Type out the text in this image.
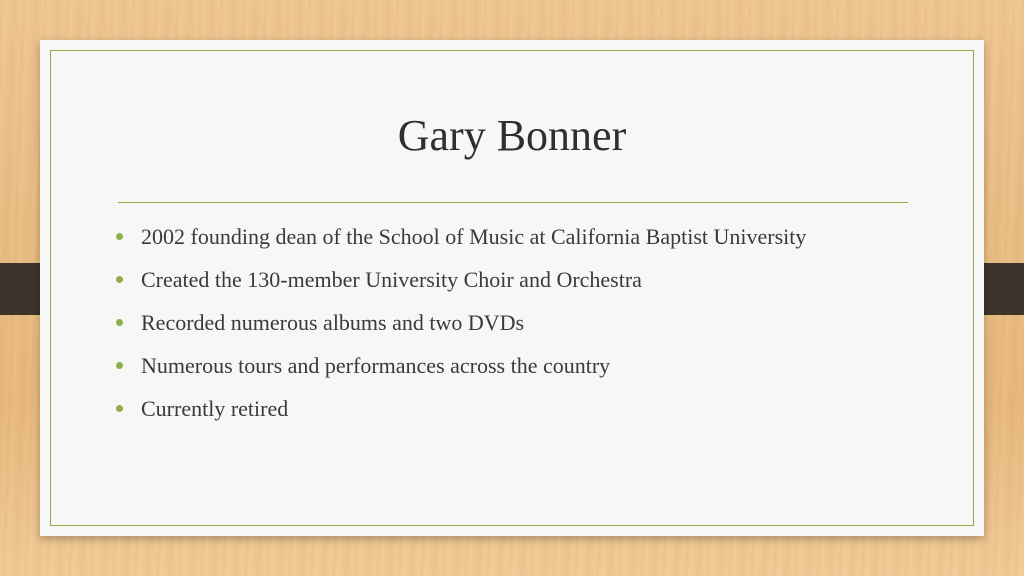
Gary Bonner
2002 founding dean of the School of Music at California Baptist University
Created the 130-member University Choir and Orchestra
Recorded numerous albums and two DVDs
Numerous tours and performances across the country
Currently retired
